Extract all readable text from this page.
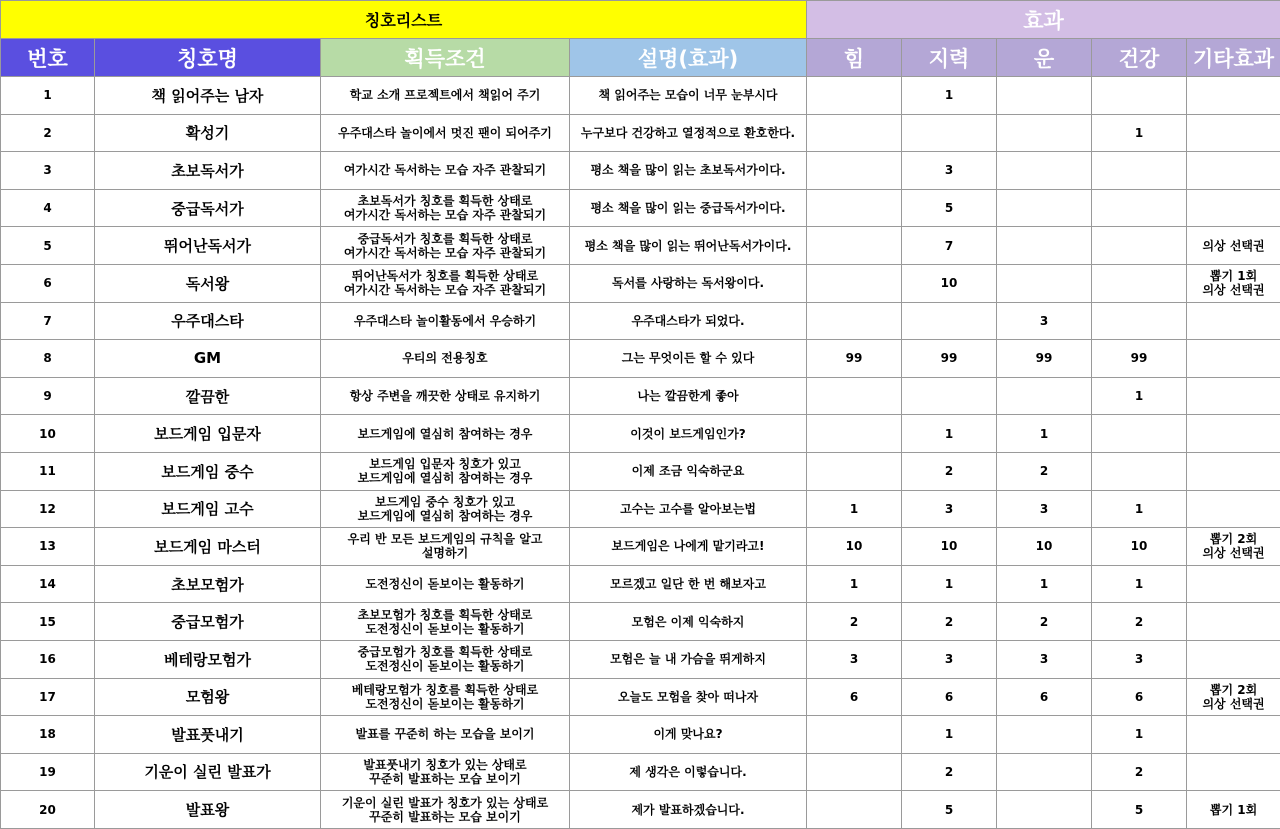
칭호리스트				효과				
번호	칭호명	획득조건	설명(효과)	힘	지력	운	건강	기타효과
1	책 읽어주는 남자	학교 소개 프로젝트에서 책읽어 주기	책 읽어주는 모습이 너무 눈부시다		1			
2	확성기	우주대스타 놀이에서 멋진 팬이 되어주기	누구보다 건강하고 열정적으로 환호한다.				1	
3	초보독서가	여가시간 독서하는 모습 자주 관찰되기	평소 책을 많이 읽는 초보독서가이다.		3			
4	중급독서가	초보독서가 칭호를 획득한 상태로
여가시간 독서하는 모습 자주 관찰되기	평소 책을 많이 읽는 중급독서가이다.		5			
5	뛰어난독서가	중급독서가 칭호를 획득한 상태로
여가시간 독서하는 모습 자주 관찰되기	평소 책을 많이 읽는 뛰어난독서가이다.		7			의상 선택권

6	독서왕	뛰어난독서가 칭호를 획득한 상태로
여가시간 독서하는 모습 자주 관찰되기	독서를 사랑하는 독서왕이다.		10			뽑기 1회
의상 선택권

7	우주대스타	우주대스타 놀이활동에서 우승하기	우주대스타가 되었다.			3		
8	GM	우티의 전용칭호	그는 무엇이든 할 수 있다	99	99	99	99	
9	깔끔한	항상 주변을 깨끗한 상태로 유지하기	나는 깔끔한게 좋아				1	
10	보드게임 입문자	보드게임에 열심히 참여하는 경우	이것이 보드게임인가?		1	1		
11	보드게임 중수	보드게임 입문자 칭호가 있고
보드게임에 열심히 참여하는 경우	이제 조금 익숙하군요		2	2		
12	보드게임 고수	보드게임 중수 칭호가 있고
보드게임에 열심히 참여하는 경우	고수는 고수를 알아보는법	1	3	3	1	
13	보드게임 마스터	우리 반 모든 보드게임의 규칙을 알고
설명하기	보드게임은 나에게 맡기라고!	10	10	10	10	뽑기 2회
의상 선택권

14	초보모험가	도전정신이 돋보이는 활동하기	모르겠고 일단 한 번 해보자고	1	1	1	1	
15	중급모험가	초보모험가 칭호를 획득한 상태로
도전정신이 돋보이는 활동하기	모험은 이제 익숙하지	2	2	2	2	
16	베테랑모험가	중급모험가 칭호를 획득한 상태로
도전정신이 돋보이는 활동하기	모험은 늘 내 가슴을 뛰게하지	3	3	3	3	
17	모험왕	베테랑모험가 칭호를 획득한 상태로
도전정신이 돋보이는 활동하기	오늘도 모험을 찾아 떠나자	6	6	6	6	뽑기 2회
의상 선택권

18	발표풋내기	발표를 꾸준히 하는 모습을 보이기	이게 맞나요?		1		1	
19	기운이 실린 발표가	발표풋내기 칭호가 있는 상태로
꾸준히 발표하는 모습 보이기	제 생각은 이렇습니다.		2		2	
20	발표왕	기운이 실린 발표가 칭호가 있는 상태로
꾸준히 발표하는 모습 보이기	제가 발표하겠습니다.		5		5	뽑기 1회
